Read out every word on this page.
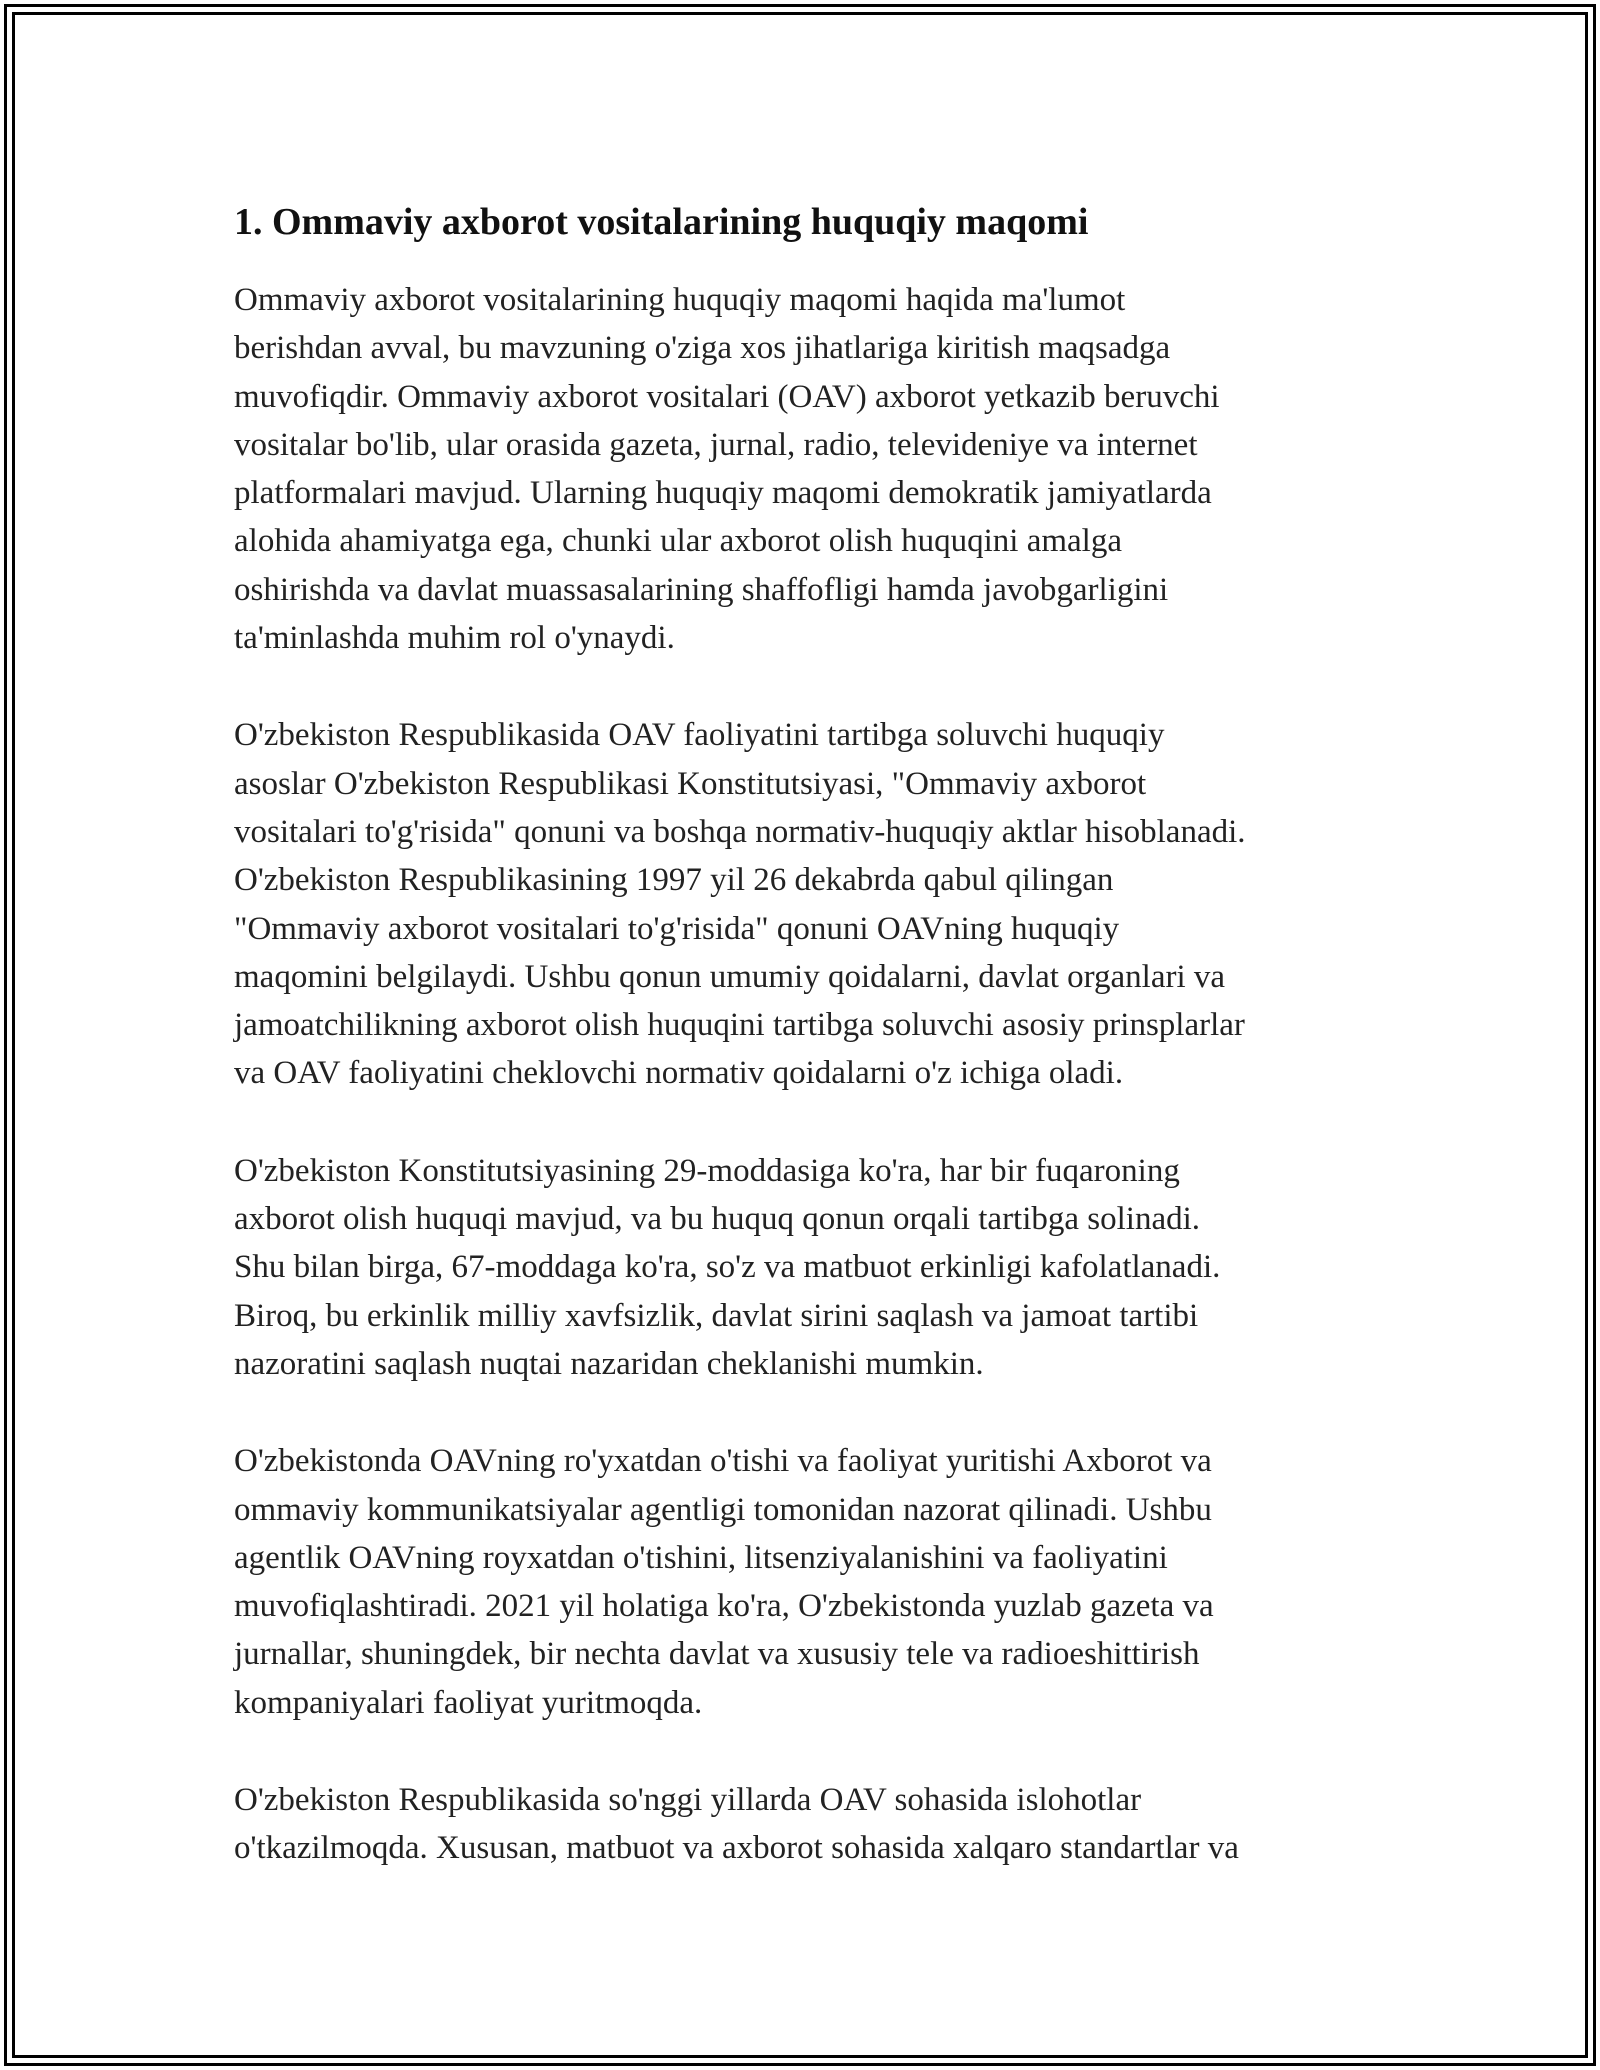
1. Ommaviy axborot vositalarining huquqiy maqomi

Ommaviy axborot vositalarining huquqiy maqomi haqida ma'lumot
berishdan avval, bu mavzuning o'ziga xos jihatlariga kiritish maqsadga
muvofiqdir. Ommaviy axborot vositalari (OAV) axborot yetkazib beruvchi
vositalar bo'lib, ular orasida gazeta, jurnal, radio, televideniye va internet
platformalari mavjud. Ularning huquqiy maqomi demokratik jamiyatlarda
alohida ahamiyatga ega, chunki ular axborot olish huquqini amalga
oshirishda va davlat muassasalarining shaffofligi hamda javobgarligini
ta'minlashda muhim rol o'ynaydi.

O'zbekiston Respublikasida OAV faoliyatini tartibga soluvchi huquqiy
asoslar O'zbekiston Respublikasi Konstitutsiyasi, "Ommaviy axborot
vositalari to'g'risida" qonuni va boshqa normativ-huquqiy aktlar hisoblanadi.
O'zbekiston Respublikasining 1997 yil 26 dekabrda qabul qilingan
"Ommaviy axborot vositalari to'g'risida" qonuni OAVning huquqiy
maqomini belgilaydi. Ushbu qonun umumiy qoidalarni, davlat organlari va
jamoatchilikning axborot olish huquqini tartibga soluvchi asosiy prinsplarlar
va OAV faoliyatini cheklovchi normativ qoidalarni o'z ichiga oladi.

O'zbekiston Konstitutsiyasining 29-moddasiga ko'ra, har bir fuqaroning
axborot olish huquqi mavjud, va bu huquq qonun orqali tartibga solinadi.
Shu bilan birga, 67-moddaga ko'ra, so'z va matbuot erkinligi kafolatlanadi.
Biroq, bu erkinlik milliy xavfsizlik, davlat sirini saqlash va jamoat tartibi
nazoratini saqlash nuqtai nazaridan cheklanishi mumkin.

O'zbekistonda OAVning ro'yxatdan o'tishi va faoliyat yuritishi Axborot va
ommaviy kommunikatsiyalar agentligi tomonidan nazorat qilinadi. Ushbu
agentlik OAVning royxatdan o'tishini, litsenziyalanishini va faoliyatini
muvofiqlashtiradi. 2021 yil holatiga ko'ra, O'zbekistonda yuzlab gazeta va
jurnallar, shuningdek, bir nechta davlat va xususiy tele va radioeshittirish
kompaniyalari faoliyat yuritmoqda.

O'zbekiston Respublikasida so'nggi yillarda OAV sohasida islohotlar
o'tkazilmoqda. Xususan, matbuot va axborot sohasida xalqaro standartlar va
